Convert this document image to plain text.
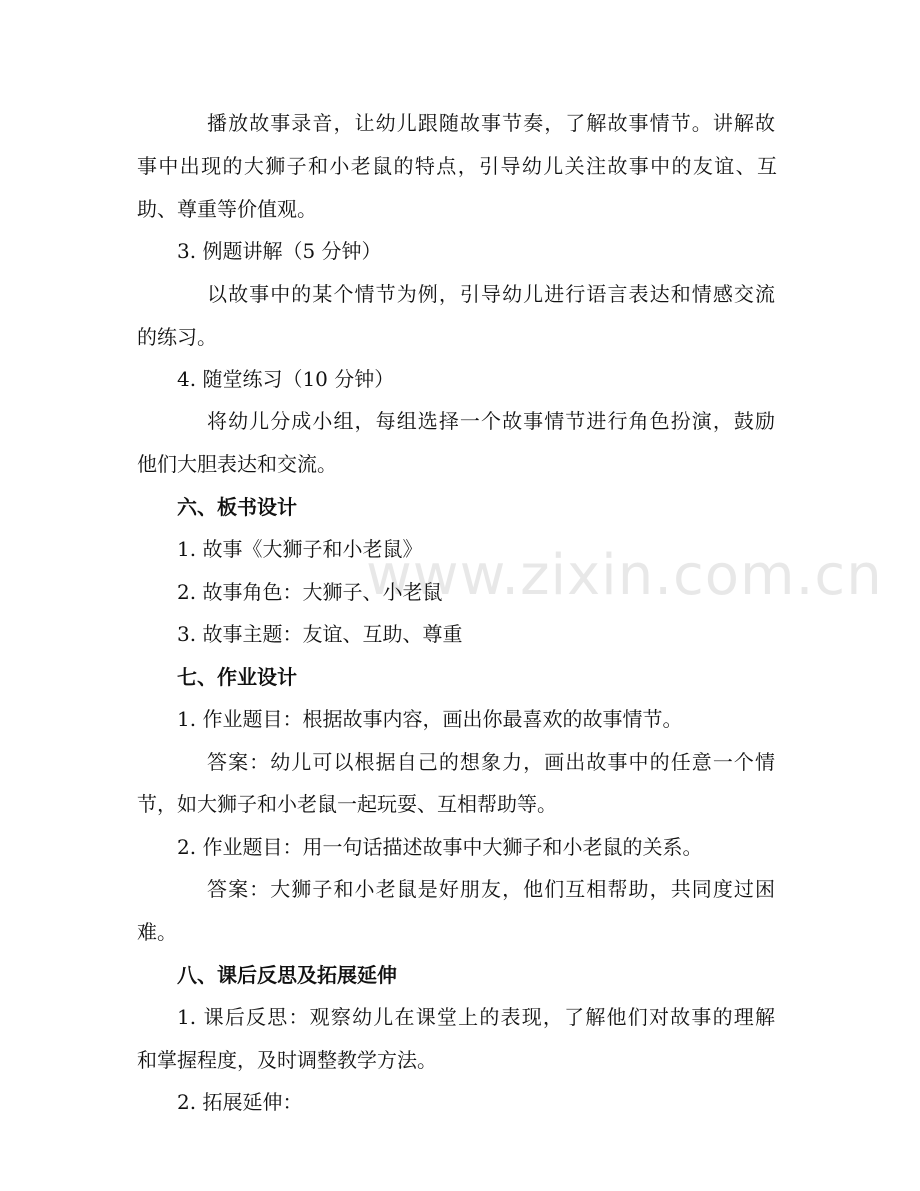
播放故事录音，让幼儿跟随故事节奏，了解故事情节。讲解故
事中出现的大狮子和小老鼠的特点，引导幼儿关注故事中的友谊、互
助、尊重等价值观。
3. 例题讲解（5 分钟）
以故事中的某个情节为例，引导幼儿进行语言表达和情感交流
的练习。
4. 随堂练习（10 分钟）
将幼儿分成小组，每组选择一个故事情节进行角色扮演，鼓励
他们大胆表达和交流。
六、板书设计
1. 故事《大狮子和小老鼠》
2. 故事角色：大狮子、小老鼠
3. 故事主题：友谊、互助、尊重
七、作业设计
1. 作业题目：根据故事内容，画出你最喜欢的故事情节。
答案：幼儿可以根据自己的想象力，画出故事中的任意一个情
节，如大狮子和小老鼠一起玩耍、互相帮助等。
2. 作业题目：用一句话描述故事中大狮子和小老鼠的关系。
答案：大狮子和小老鼠是好朋友，他们互相帮助，共同度过困
难。
八、课后反思及拓展延伸
1. 课后反思：观察幼儿在课堂上的表现，了解他们对故事的理解
和掌握程度，及时调整教学方法。
2. 拓展延伸：
www.zixin.com.cn
